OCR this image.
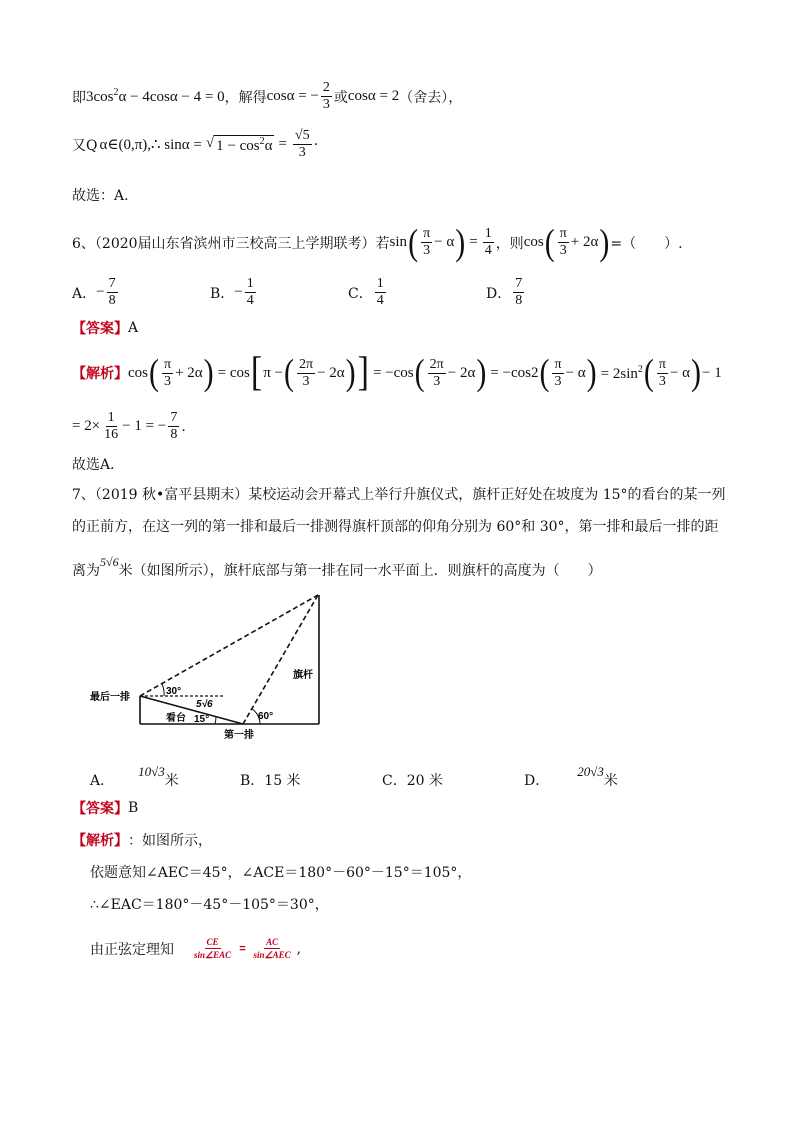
即 $3\cos^2\alpha - 4\cos\alpha - 4 = 0$ ，解得 cosα = − $\frac{2}{3}$ 或 cosα = 2 （舍去），
又Q α∈(0,π),∴ sinα = √ $1 - \cos^2\alpha = \frac{√5}{3}$ ·
故选：A.
6、（2020届山东省滨州市三校高三上学期联考）若 sin ( $\frac{\pi}{3} - \alpha$ ) = $\frac{1}{4}$ ，则 cos ( $\frac{\pi}{3} + 2\alpha$ ) =（　　）.
A． − $\frac{7}{8}$	B． − $\frac{1}{4}$	C． $\frac{1}{4}$	D． $\frac{7}{8}$
【答案】 A
【解析】 cos ( $\frac{\pi}{3} + 2\alpha$ ) = cos [ π − ( $\frac{2\pi}{3} - 2\alpha$ ) ] = −cos ( $\frac{2\pi}{3} - 2\alpha$ ) = −cos2 ( $\frac{\pi}{3} - \alpha$ ) = $2\sin^2$ ( $\frac{\pi}{3} - \alpha$ ) − 1
= $2\times \frac{1}{16} - 1$ = − $\frac{7}{8}$ .
故选A．
7、（2019 秋•富平县期末）某校运动会开幕式上举行升旗仪式，旗杆正好处在坡度为 15°的看台的某一列
的正前方，在这一列的第一排和最后一排测得旗杆顶部的仰角分别为 60°和 30°，第一排和最后一排的距
离为
5√6
米（如图所示），旗杆底部与第一排在同一水平面上．则旗杆的高度为（　　）
最后一排
第一排
旗杆
看台
30°
60°
15°
5√6
A．
10√3
米	B． 15 米	C． 20 米	D．
20√3
米
【答案】 B
【解析】 ：如图所示，
依题意知∠AEC＝45°，∠ACE＝180°－60°－15°＝105°，
∴∠EAC＝180°－45°－105°＝30°，
由正弦定理知 $\frac{CE}{\text{sin∠EAC}} = \frac{AC}{\text{sin∠AEC}}$ ,
